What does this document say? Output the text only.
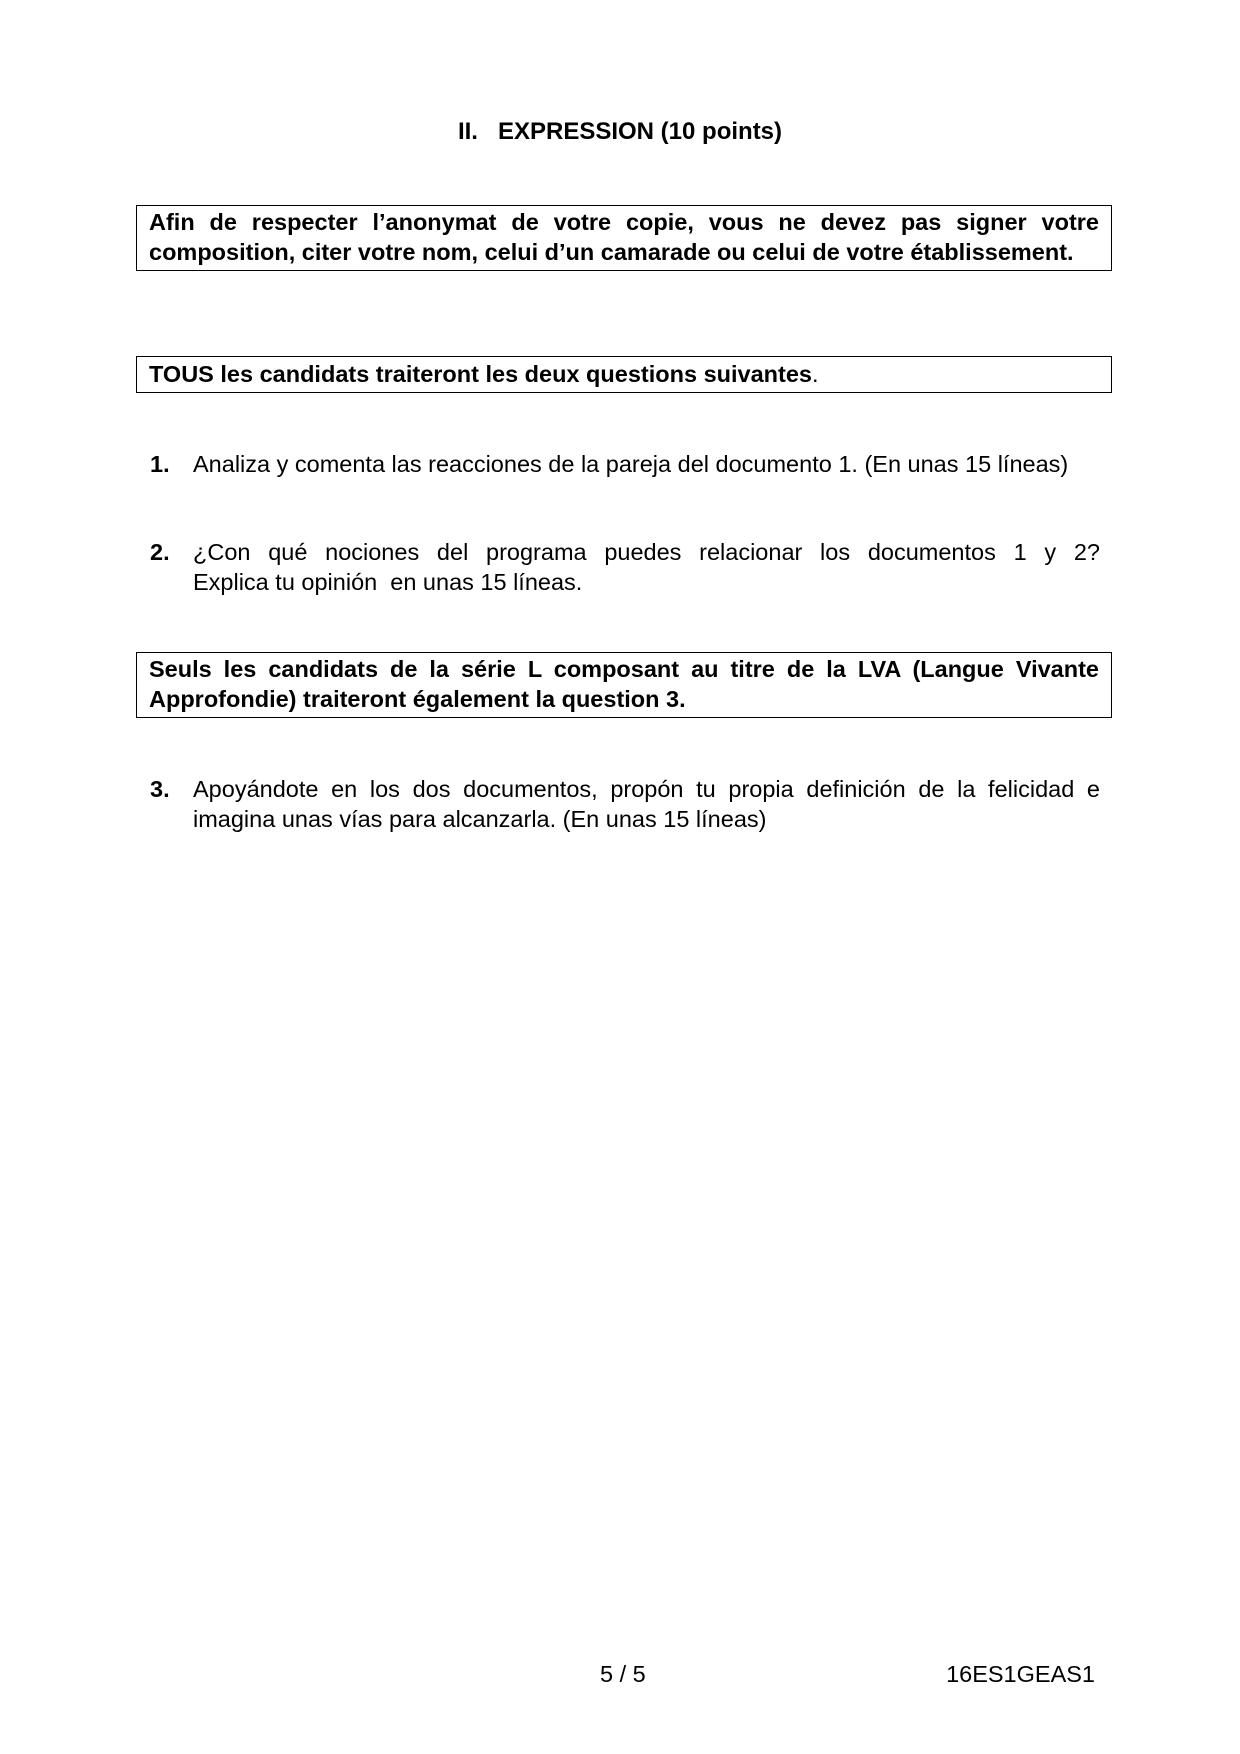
II. EXPRESSION (10 points)
Afin de respecter l’anonymat de votre copie, vous ne devez pas signer votre composition, citer votre nom, celui d’un camarade ou celui de votre établissement.
TOUS les candidats traiteront les deux questions suivantes.
1. Analiza y comenta las reacciones de la pareja del documento 1. (En unas 15 líneas)
2. ¿Con qué nociones del programa puedes relacionar los documentos 1 y 2?
Explica tu opinión  en unas 15 líneas.
Seuls les candidats de la série L composant au titre de la LVA (Langue Vivante Approfondie) traiteront également la question 3.
3. Apoyándote en los dos documentos, propón tu propia definición de la felicidad e imagina unas vías para alcanzarla. (En unas 15 líneas)
5 / 5	16ES1GEAS1
